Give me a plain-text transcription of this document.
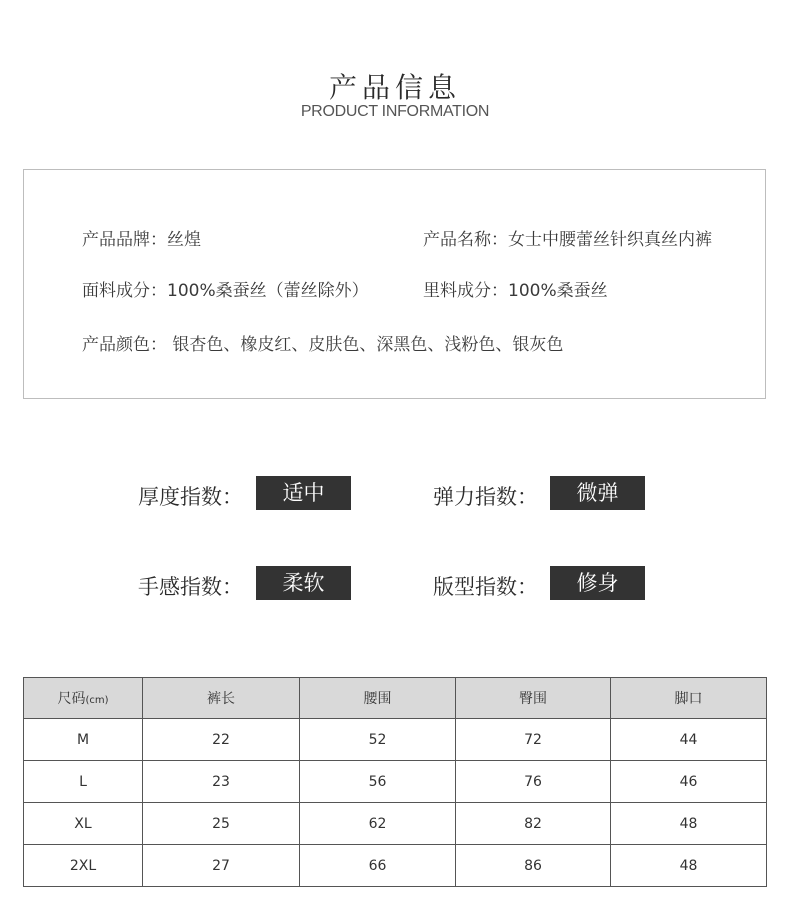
产品信息
PRODUCT INFORMATION
产品品牌：丝煌	产品名称：女士中腰蕾丝针织真丝内裤
面料成分：100%桑蚕丝（蕾丝除外）	里料成分：100%桑蚕丝
产品颜色： 银杏色、橡皮红、皮肤色、深黑色、浅粉色、银灰色
厚度指数：	适中	弹力指数：	微弹
手感指数：	柔软	版型指数：	修身
尺码(cm)	裤长	腰围	臀围	脚口
M	22	52	72	44
L	23	56	76	46
XL	25	62	82	48
2XL	27	66	86	48
